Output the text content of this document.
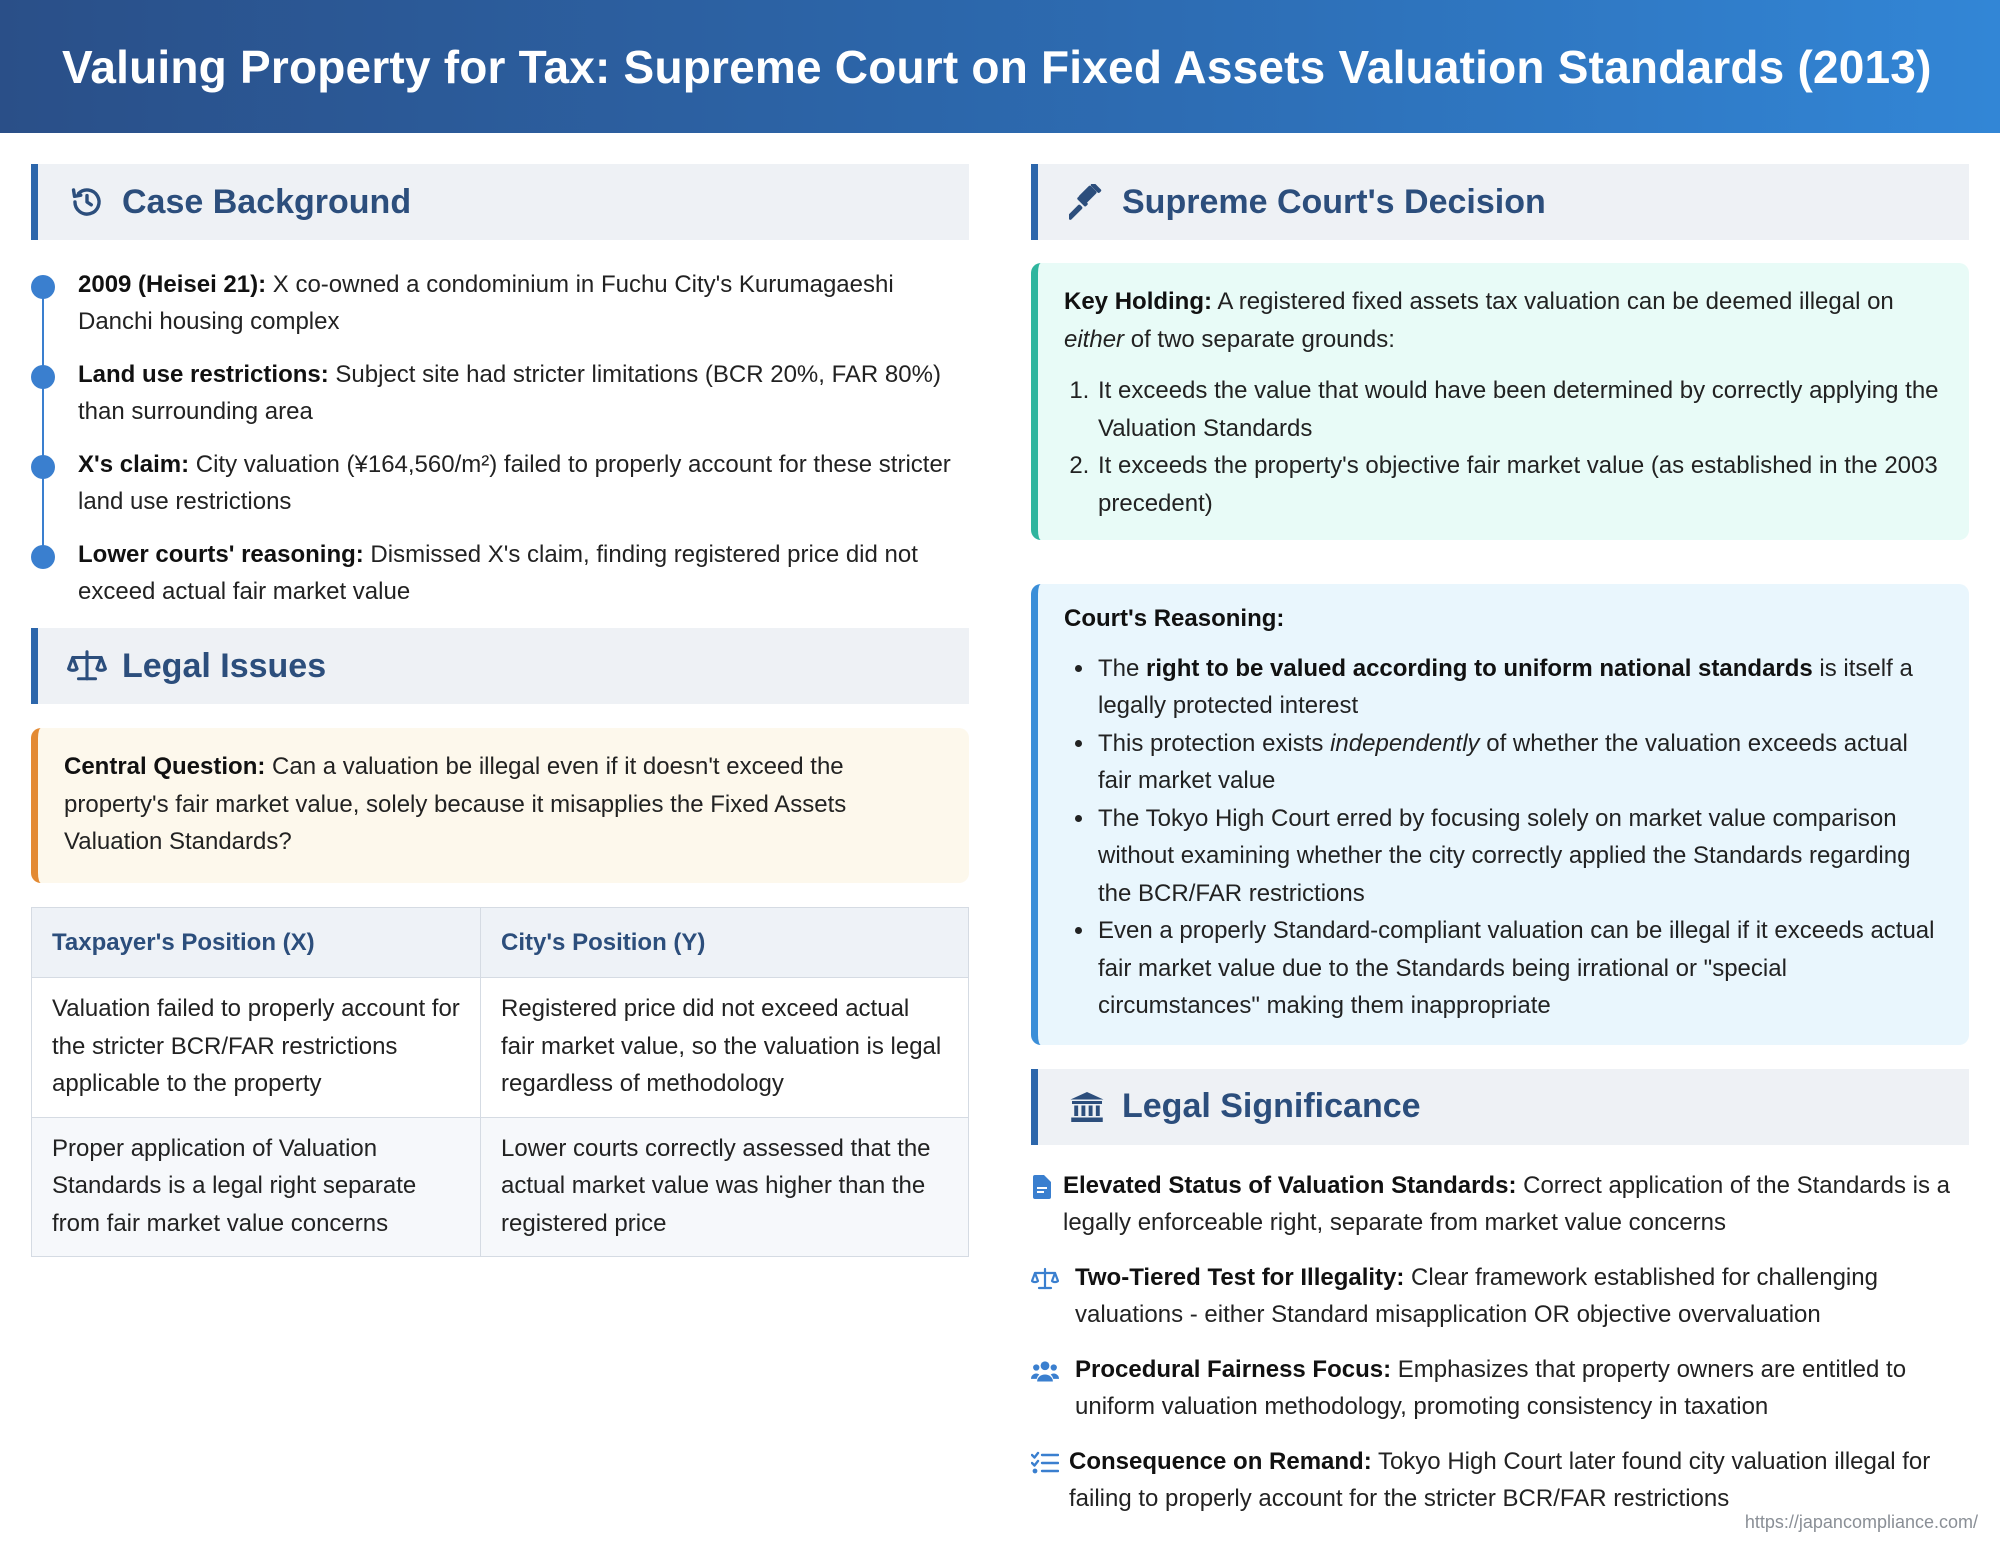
Valuing Property for Tax: Supreme Court on Fixed Assets Valuation Standards (2013)
Case Background
2009 (Heisei 21): X co-owned a condominium in Fuchu City's Kurumagaeshi Danchi housing complex
Land use restrictions: Subject site had stricter limitations (BCR 20%, FAR 80%) than surrounding area
X's claim: City valuation (¥164,560/m²) failed to properly account for these stricter land use restrictions
Lower courts' reasoning: Dismissed X's claim, finding registered price did not exceed actual fair market value
Legal Issues
Central Question: Can a valuation be illegal even if it doesn't exceed the property's fair market value, solely because it misapplies the Fixed Assets Valuation Standards?
Taxpayer's Position (X)	City's Position (Y)
Valuation failed to properly account for the stricter BCR/FAR restrictions applicable to the property	Registered price did not exceed actual fair market value, so the valuation is legal regardless of methodology
Proper application of Valuation Standards is a legal right separate from fair market value concerns	Lower courts correctly assessed that the actual market value was higher than the registered price
Supreme Court's Decision
Key Holding: A registered fixed assets tax valuation can be deemed illegal on either of two separate grounds:
1. It exceeds the value that would have been determined by correctly applying the Valuation Standards
2. It exceeds the property's objective fair market value (as established in the 2003 precedent)
Court's Reasoning:
• The right to be valued according to uniform national standards is itself a legally protected interest
• This protection exists independently of whether the valuation exceeds actual fair market value
• The Tokyo High Court erred by focusing solely on market value comparison without examining whether the city correctly applied the Standards regarding the BCR/FAR restrictions
• Even a properly Standard-compliant valuation can be illegal if it exceeds actual fair market value due to the Standards being irrational or "special circumstances" making them inappropriate
Legal Significance
Elevated Status of Valuation Standards: Correct application of the Standards is a legally enforceable right, separate from market value concerns
Two-Tiered Test for Illegality: Clear framework established for challenging valuations - either Standard misapplication OR objective overvaluation
Procedural Fairness Focus: Emphasizes that property owners are entitled to uniform valuation methodology, promoting consistency in taxation
Consequence on Remand: Tokyo High Court later found city valuation illegal for failing to properly account for the stricter BCR/FAR restrictions
https://japancompliance.com/
